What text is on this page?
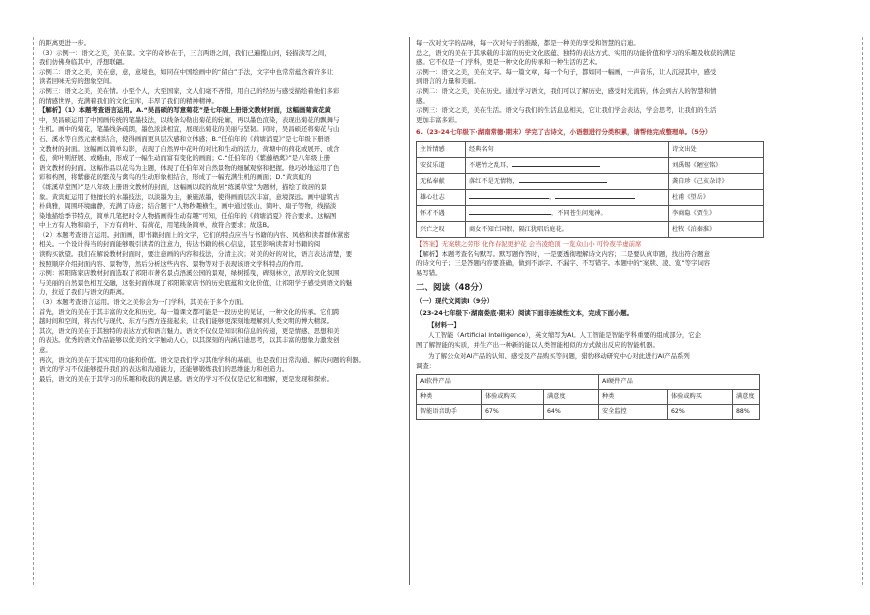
的距离更进一步。

（3）示例一：语文之美，美在景。文字的奇妙在于，三言两语之间，我们已遍揽山河，轻描淡写之间，

我们仿佛身临其中，浮想联翩。

示例二：语文之美，美在意，意，意境也，如同在中国绘画中的“留白”手法，文字中也常常蕴含着许多让

读者回味无穷的想象空间。

示例三：语文之美，美在情。小至个人，大至国家，文人们毫不吝惜，用自己的经历与感受描绘着他们多彩

的情感世界，充满着我们的文化宝库，丰厚了我们的精神精神。

【解析】（1）本题考查语言运用。A.“吴昌硕的写意菊花”是七年级上册语文教材封面，这幅画菊黄花黄

中，吴昌硕运用了中国画传统的笔墨技法，以线条勾勒出菊花的轮廓，再以墨色渲染，表现出菊花的飘舞与

生机。画中的菊花，笔墨线条疏朗，墨色浓淡相宜，展现出菊花的美丽与坚韧。同时，吴昌硕还将菊花与山

石、溪水等自然元素相结合，使得画面更具层次感和立体感；B.“任伯年的《荷塘消夏》”是七年级下册语

文教材的封面。这幅画以简单勾影，表现了自然界中花叶的对比和生动的活力，荷塘中的荷花或展开、或含

苞，荷叶则舒展、或蜷曲，形成了一幅生动而富有变化的画面；C.“任伯年的《紫藤栖禽》”是八年级上册

语文教材的封面。这幅作品以花鸟为主题，体现了任伯年对自然景物的细腻观察和把握。他巧妙地运用了色

彩和构图，将紫藤花的繁茂与禽鸟的生动形象相结合，形成了一幅充满生机的画面；D.“黄宾虹的

《练溪草堂图》”是八年级上册语文教材的封面，这幅画以皖的故居“练溪草堂”为题材，描绘了故居的景

象。黄宾虹运用了他擅长的水墨技法，以淡墨为主，兼施浓墨，使得画面层次丰富，意境深远。画中建筑古

朴典雅，周围环境幽静，充满了诗意；结合题干“人物秒趣横生，画中通过张山、简叶、扇子等物，线描淡

染地描绘季节特点，简单几笔把时令人物描画得生动有趣”可知，任伯年的《荷塘消夏》符合要求。这幅图

中上方有人物和扇子，下方有荷叶、有荷花，用笔线条简单，故符合要求；故选B。

（2）本题考查语言运用。封面画，即书籍封面上的文字，它们的特点应当与书籍的内容、风格和读者群体紧密

相关。一个设计得当的封面能够吸引读者的注意力，传达书籍的核心信息，甚至影响读者对书籍的阅

读购买欲望。我们在解说教材封面时，要注意画的内容和技法，分清主次；对美的好的对比，语言表达清楚，要

按照顺序介绍封面内容、景物等，然后分析这些内容、景物等对于表现该语文学科特点的作用。

示例：祁阳陈家店教材封面选取了祁阳市著名景点浯溪公园的景观，绿树摇曳，碑刻林立，浓厚的文化氛围

与美丽的自然景色相互交融，这张封面体现了祁阳陈家店书的历史底蕴和文化价值，让祁阳学子感受到语文的魅

力，拉近了我们与语文的距离。

（3）本题考查语言运用。语文之美你会为一门学科，其美在于多个方面。

首先，语文的美在于其丰富的文化和历史。每一篇课文都可能是一段历史的见证，一种文化的传承。它们跨

越时间和空间，将古代与现代、东方与西方连接起来，让我们能够更深刻地理解到人类文明的博大精深。

其次，语文的美在于其独特的表达方式和语言魅力。语文不仅仅是知识和信息的传递，更是情感、思想和美

的表达。优秀的语文作品能够以优美的文字触动人心，以其深刻的内涵启迪思考，以其丰富的想象力激发创

意。

再次，语文的美在于其实用的功能和价值。语文是我们学习其他学科的基础，也是我们日常沟通、解决问题的利器。

语文的学习不仅能够提升我们的表达和沟通能力，还能够锻炼我们的思维能力和创造力。

最后，语文的美在于其学习的乐趣和收获的满足感。语文的学习不仅仅是记忆和理解，更是发现和探索。

每一次对文字的品味，每一次对句子的推敲，都是一种美的享受和智慧的启迪。

总之，语文的美在于其承载的丰富的历史文化底蕴、独特的表达方式、实用的功能价值和学习的乐趣及收获的满足

感。它不仅是一门学科，更是一种文化的传承和一种生活的艺术。

示例一：语文之美，美在文字。每一篇文章，每一个句子，都如同一幅画，一声音乐，让人沉浸其中，感受

到语言的力量和美丽。

示例二：语文之美，美在历史。通过学习语文，我们可以了解历史，感受时光流转，体会到古人的智慧和情

感。

示例三：语文之美，美在生活。语文与我们的生活息息相关，它让我们学会表达，学会思考，让我们的生活

更加丰富多彩。

6.（23-24七年级下·湖南常德·期末）学完了古诗文，小语想进行分类积累，请帮他完成整理单。（5分）

主旨情感	经典名句	诗文出处
安贫乐道	不堪竹之乱耳，	刘禹锡《陋室铭》
无私奉献	落红不是无情物，	龚自珍《己亥杂诗》
雄心壮志	，	杜甫《望岳》
怀才不遇	，不同苍生问鬼神。	李商隐《贾生》
兴亡之叹	商女不知亡国恨，隔江犹唱后庭花。	杜牧《泊秦淮》

【答案】无案牍之劳形 化作春泥更护花 会当凌绝顶 一览众山小 可怜夜半虚前席

【解析】本题考查名句默写。默写题作答时，一是要透彻理解诗文内容；二是要认真审题，找出符合题意

的诗文句子；三是答题内容要准确，做到不添字、不漏字、不写错字。本题中的“案牍、凌、览”等字词容

易写错。

二、阅读（48分）

（一）现代文阅读Ⅰ（9分）

（23-24七年级下·湖南娄底·期末）阅读下面非连续性文本，完成下面小题。

【材料一】

人工智能（Artificial Intelligence），英文缩写为AI。人工智能是智能学科重要的组成部分，它企

图了解智能的实质，并生产出一种新的能以人类智能相似的方式做出反应的智能机器。

为了解公众对AI产品的认知、感受及产品购买等问题，猎豹移动研究中心对此进行AI产品系列

调查：

AI软件产品			AI硬件产品		
种类	体验或购买	满意度	种类	体验或购买	满意度
智能语音助手	67%	64%	安全监控	62%	88%
